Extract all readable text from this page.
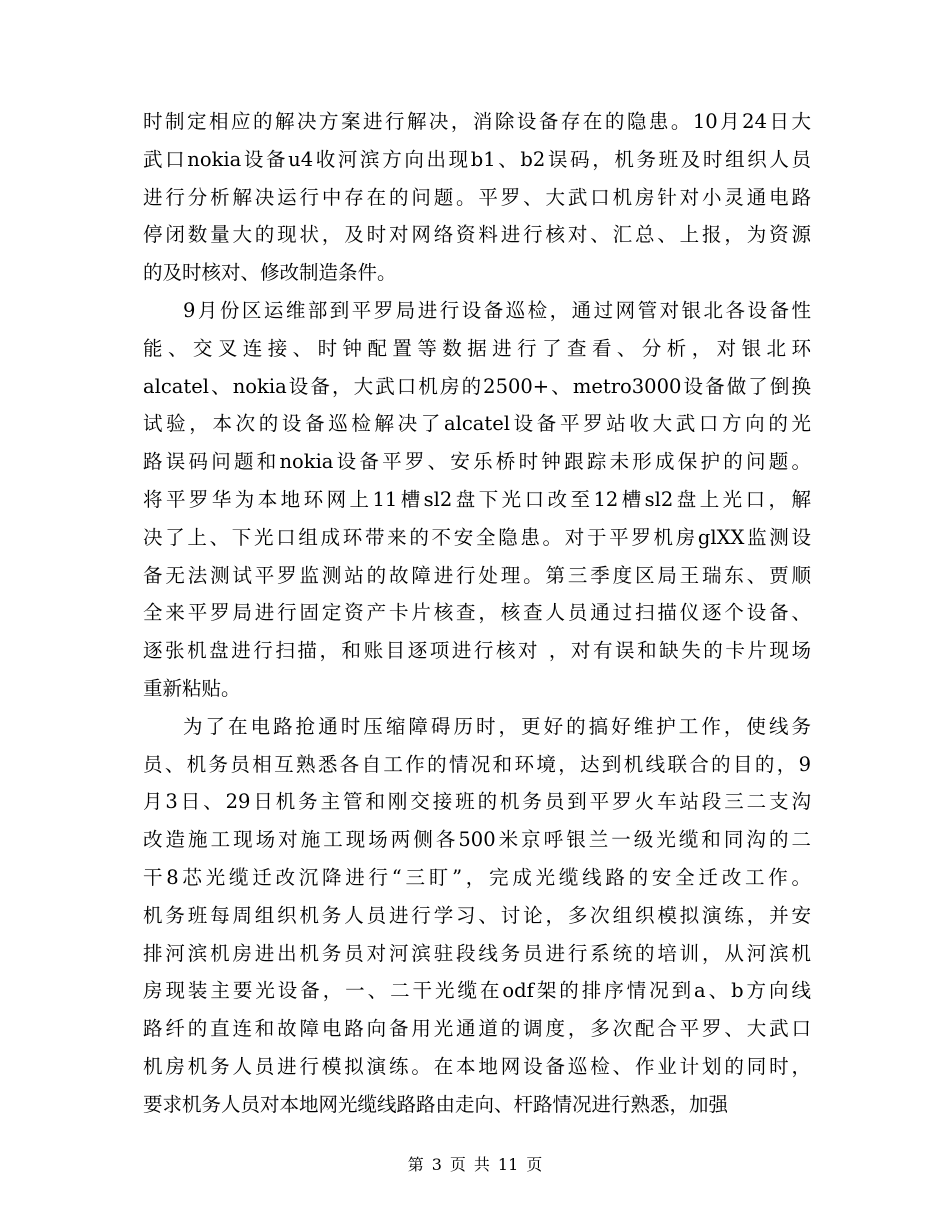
时制定相应的解决方案进行解决，消除设备存在的隐患。10月24日大
武口nokia设备u4收河滨方向出现b1、b2误码，机务班及时组织人员
进行分析解决运行中存在的问题。平罗、大武口机房针对小灵通电路
停闭数量大的现状，及时对网络资料进行核对、汇总、上报，为资源
的及时核对、修改制造条件。
9月份区运维部到平罗局进行设备巡检，通过网管对银北各设备性
能、交叉连接、时钟配置等数据进行了查看、分析，对银北环
alcatel、nokia设备，大武口机房的2500+、metro3000设备做了倒换
试验，本次的设备巡检解决了alcatel设备平罗站收大武口方向的光
路误码问题和nokia设备平罗、安乐桥时钟跟踪未形成保护的问题。
将平罗华为本地环网上11槽sl2盘下光口改至12槽sl2盘上光口，解
决了上、下光口组成环带来的不安全隐患。对于平罗机房glXX监测设
备无法测试平罗监测站的故障进行处理。第三季度区局王瑞东、贾顺
全来平罗局进行固定资产卡片核查，核查人员通过扫描仪逐个设备、
逐张机盘进行扫描，和账目逐项进行核对 ，对有误和缺失的卡片现场
重新粘贴。
为了在电路抢通时压缩障碍历时，更好的搞好维护工作，使线务
员、机务员相互熟悉各自工作的情况和环境，达到机线联合的目的，9
月3日、29日机务主管和刚交接班的机务员到平罗火车站段三二支沟
改造施工现场对施工现场两侧各500米京呼银兰一级光缆和同沟的二
干8芯光缆迁改沉降进行“三盯”，完成光缆线路的安全迁改工作。
机务班每周组织机务人员进行学习、讨论，多次组织模拟演练，并安
排河滨机房进出机务员对河滨驻段线务员进行系统的培训，从河滨机
房现装主要光设备，一、二干光缆在odf架的排序情况到a、b方向线
路纤的直连和故障电路向备用光通道的调度，多次配合平罗、大武口
机房机务人员进行模拟演练。在本地网设备巡检、作业计划的同时，
要求机务人员对本地网光缆线路路由走向、杆路情况进行熟悉，加强
第 3 页 共 11 页
